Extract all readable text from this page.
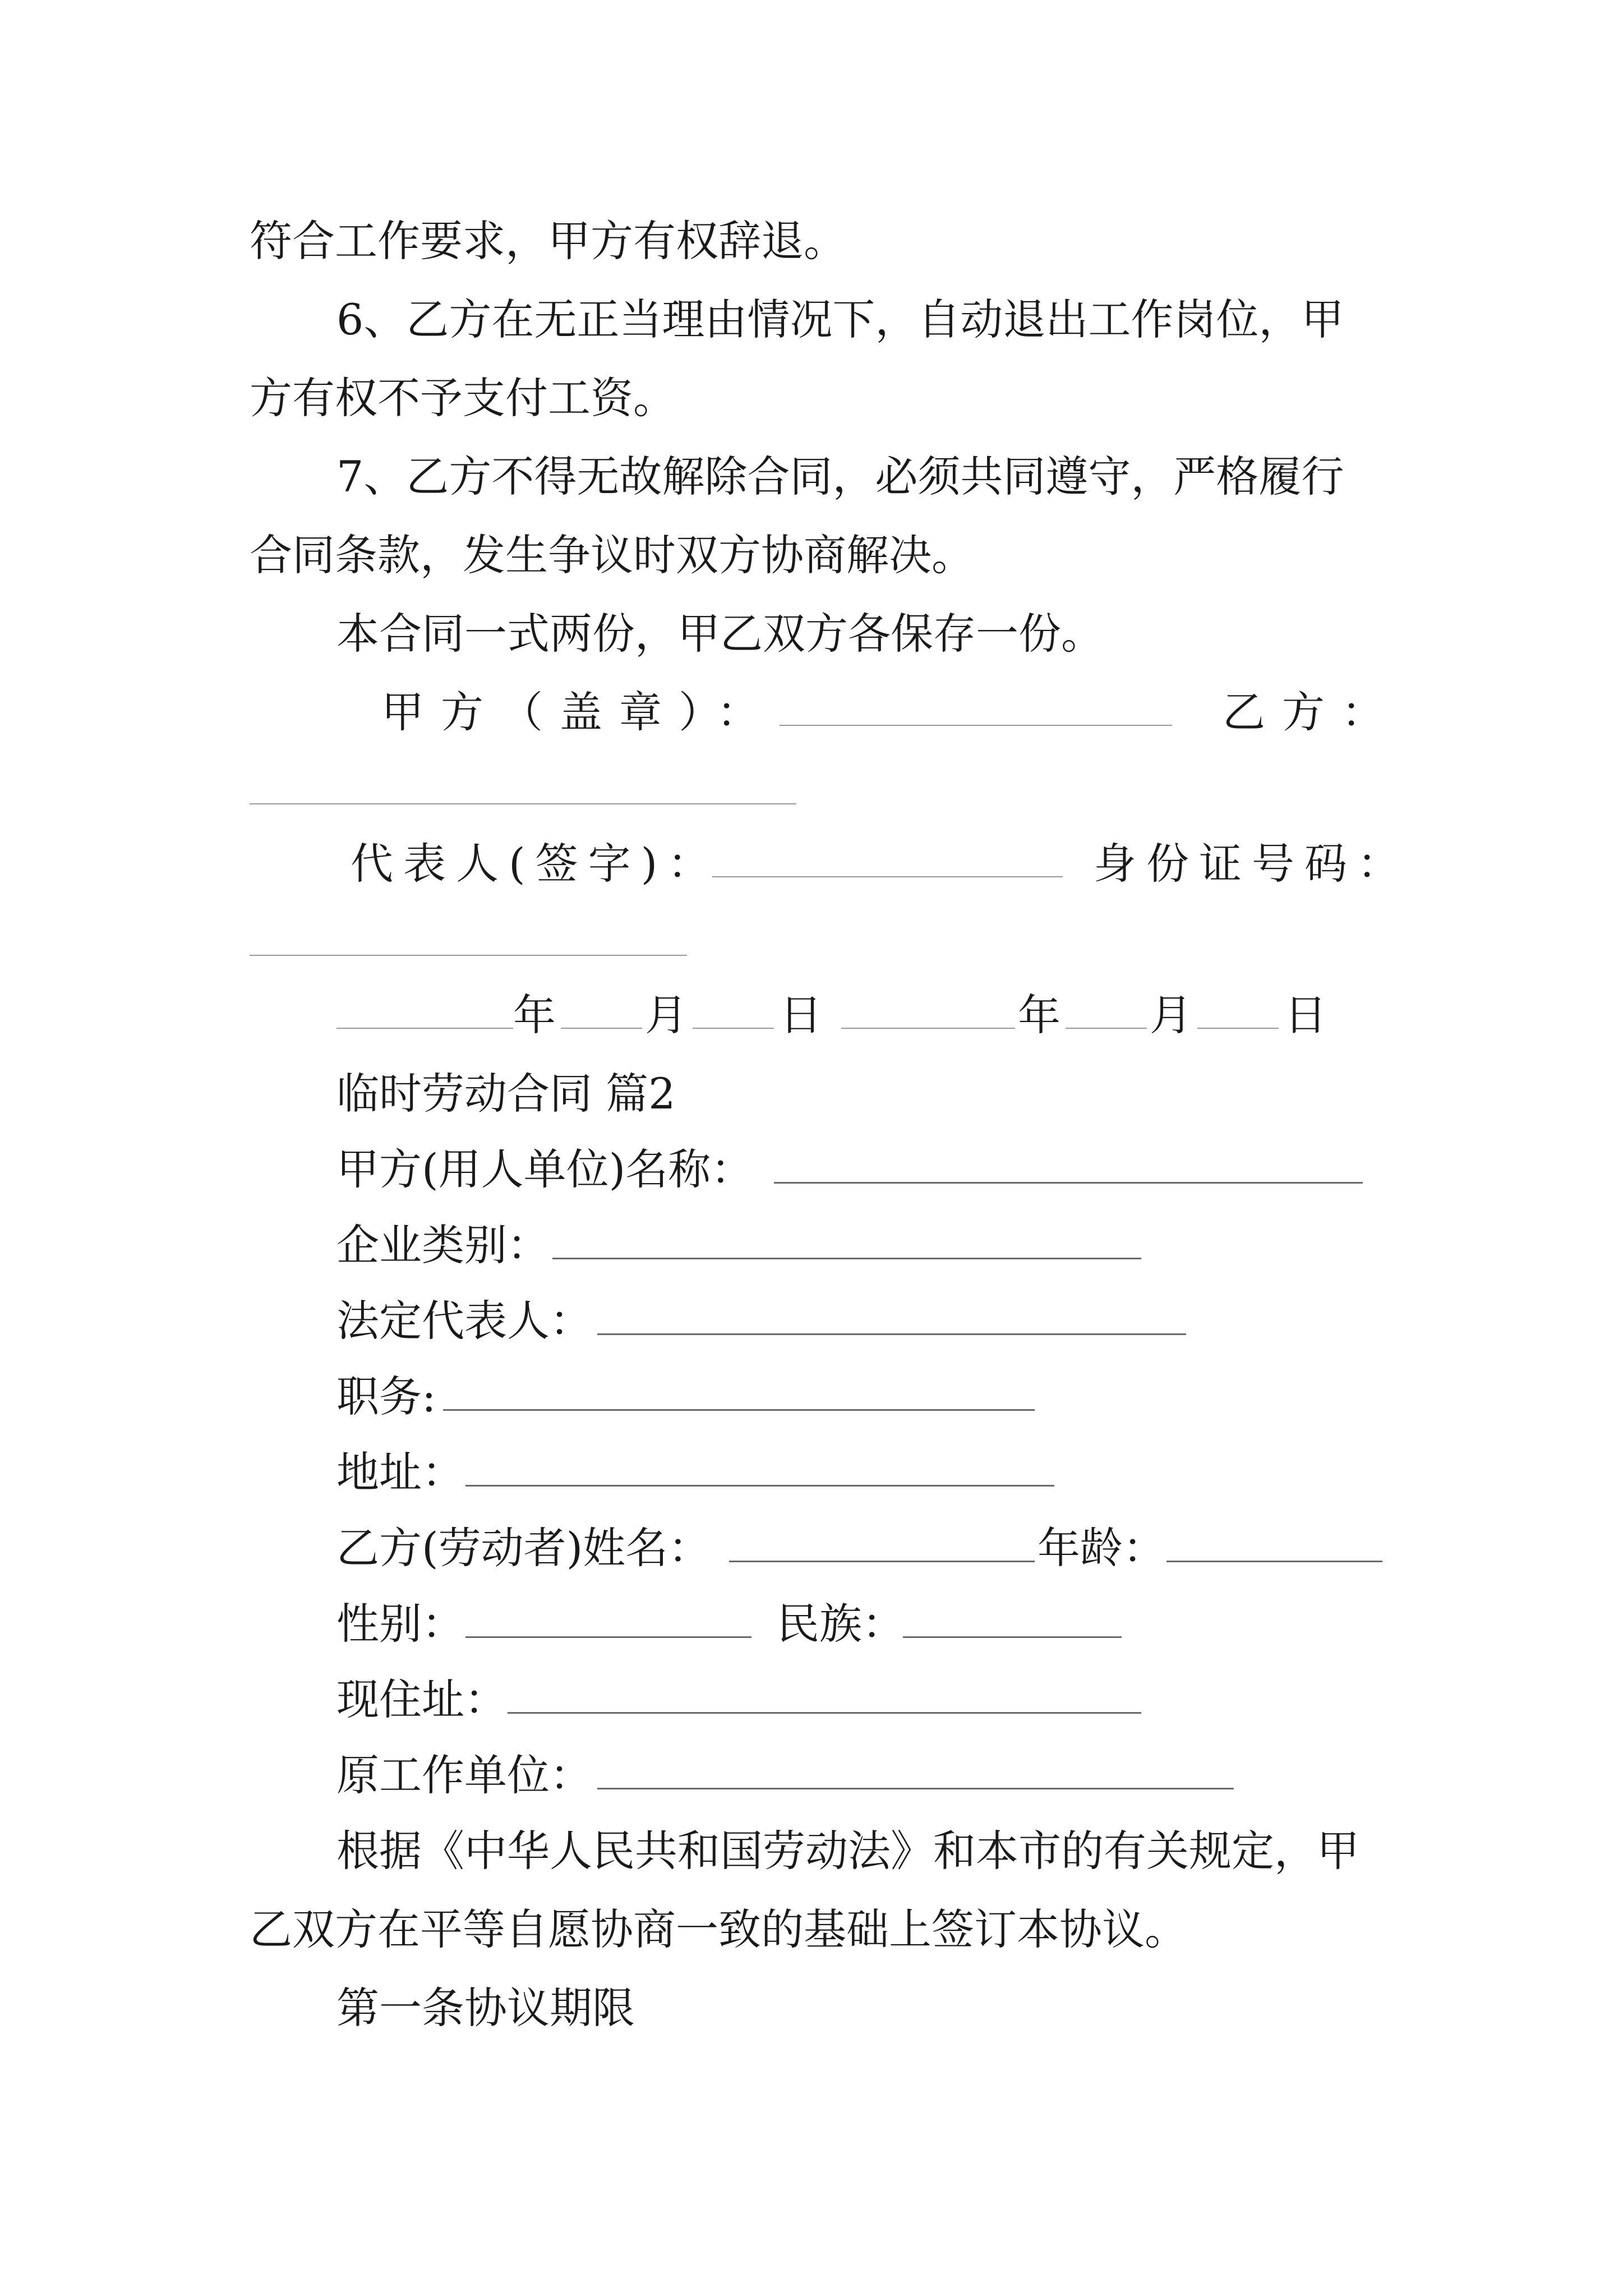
符合工作要求，甲方有权辞退。
6、乙方在无正当理由情况下，自动退出工作岗位，甲
方有权不予支付工资。
7、乙方不得无故解除合同，必须共同遵守，严格履行
合同条款，发生争议时双方协商解决。
本合同一式两份，甲乙双方各保存一份。
甲方（盖章）：	乙方：
代表人(签字)：	身份证号码：
年 月 日	年 月 日
临时劳动合同 篇2
甲方(用人单位)名称：
企业类别：
法定代表人：
职务:
地址：
乙方(劳动者)姓名：	年龄：
性别：	民族：
现住址：
原工作单位：
根据《中华人民共和国劳动法》和本市的有关规定，甲
乙双方在平等自愿协商一致的基础上签订本协议。
第一条协议期限
